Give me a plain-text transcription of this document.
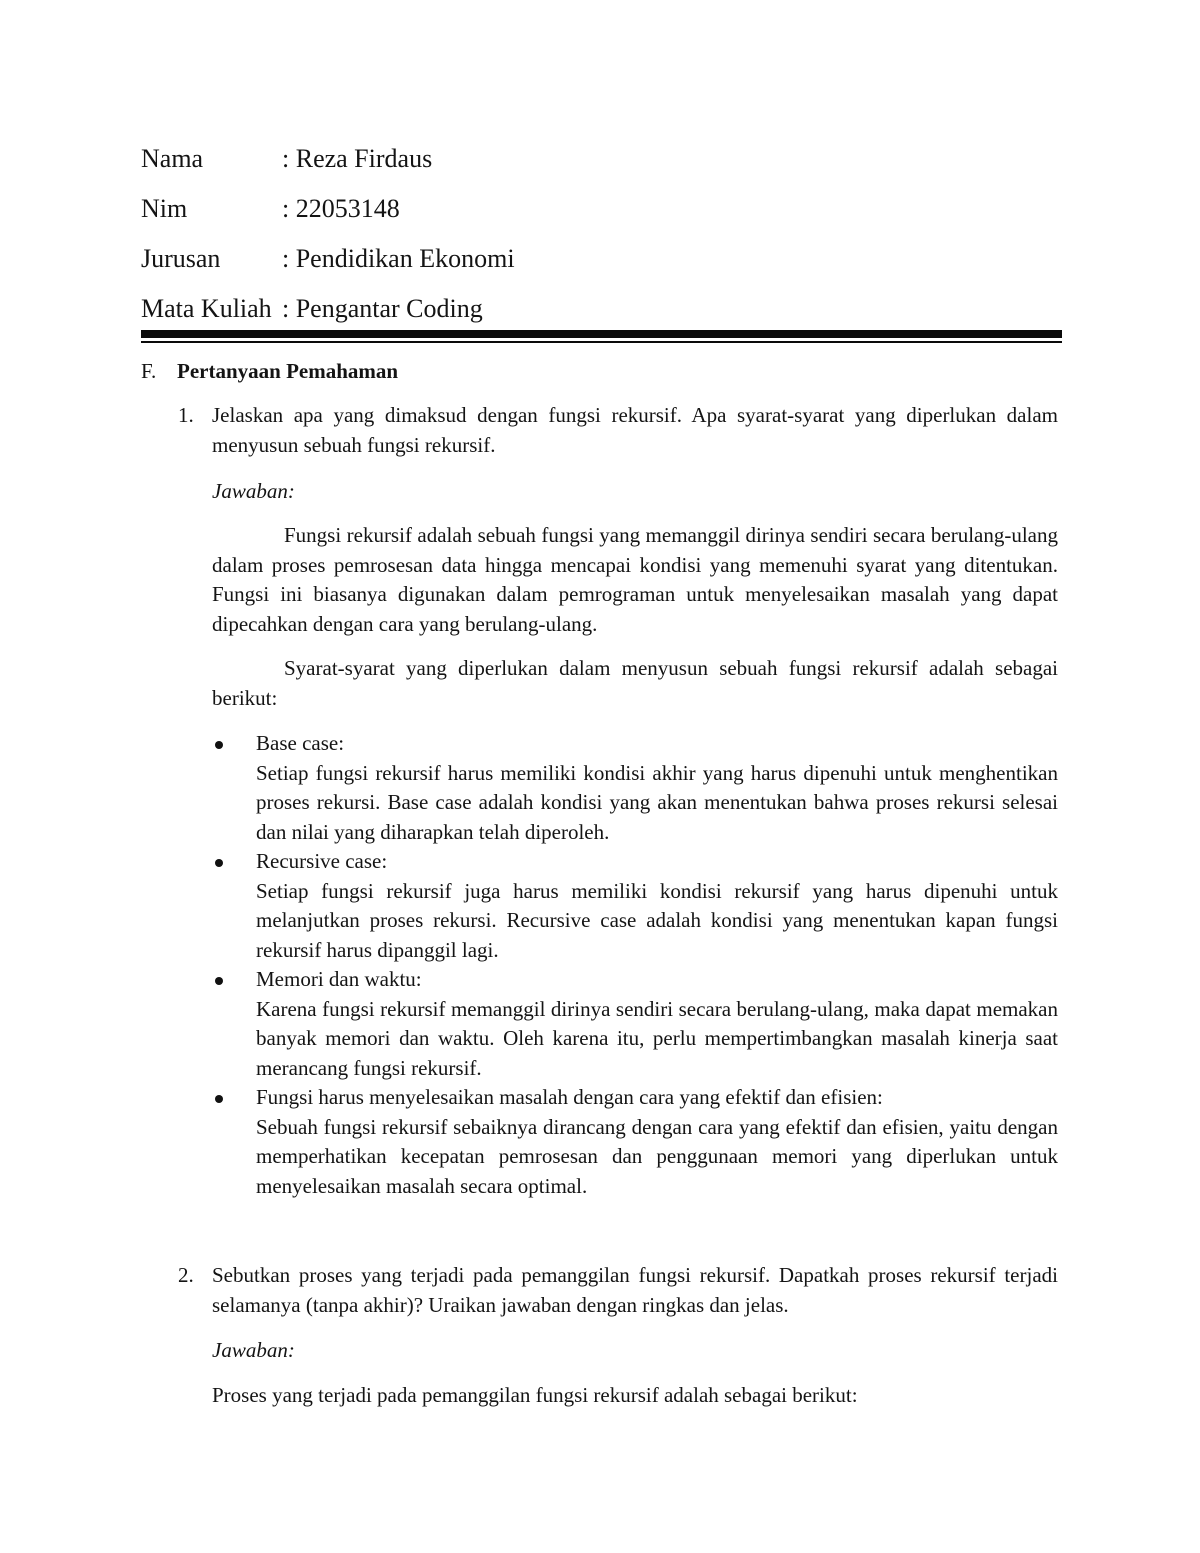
Nama	: Reza Firdaus
Nim	: 22053148
Jurusan : Pendidikan Ekonomi
Mata Kuliah : Pengantar Coding
F. Pertanyaan Pemahaman
1. Jelaskan apa yang dimaksud dengan fungsi rekursif. Apa syarat-syarat yang diperlukan dalam menyusun sebuah fungsi rekursif.
Jawaban:
Fungsi rekursif adalah sebuah fungsi yang memanggil dirinya sendiri secara berulang-ulang dalam proses pemrosesan data hingga mencapai kondisi yang memenuhi syarat yang ditentukan. Fungsi ini biasanya digunakan dalam pemrograman untuk menyelesaikan masalah yang dapat dipecahkan dengan cara yang berulang-ulang.
Syarat-syarat yang diperlukan dalam menyusun sebuah fungsi rekursif adalah sebagai berikut:
Base case:
Setiap fungsi rekursif harus memiliki kondisi akhir yang harus dipenuhi untuk menghentikan proses rekursi. Base case adalah kondisi yang akan menentukan bahwa proses rekursi selesai dan nilai yang diharapkan telah diperoleh.
Recursive case:
Setiap fungsi rekursif juga harus memiliki kondisi rekursif yang harus dipenuhi untuk melanjutkan proses rekursi. Recursive case adalah kondisi yang menentukan kapan fungsi rekursif harus dipanggil lagi.
Memori dan waktu:
Karena fungsi rekursif memanggil dirinya sendiri secara berulang-ulang, maka dapat memakan banyak memori dan waktu. Oleh karena itu, perlu mempertimbangkan masalah kinerja saat merancang fungsi rekursif.
Fungsi harus menyelesaikan masalah dengan cara yang efektif dan efisien:
Sebuah fungsi rekursif sebaiknya dirancang dengan cara yang efektif dan efisien, yaitu dengan memperhatikan kecepatan pemrosesan dan penggunaan memori yang diperlukan untuk menyelesaikan masalah secara optimal.
2. Sebutkan proses yang terjadi pada pemanggilan fungsi rekursif. Dapatkah proses rekursif terjadi selamanya (tanpa akhir)? Uraikan jawaban dengan ringkas dan jelas.
Jawaban:
Proses yang terjadi pada pemanggilan fungsi rekursif adalah sebagai berikut:
